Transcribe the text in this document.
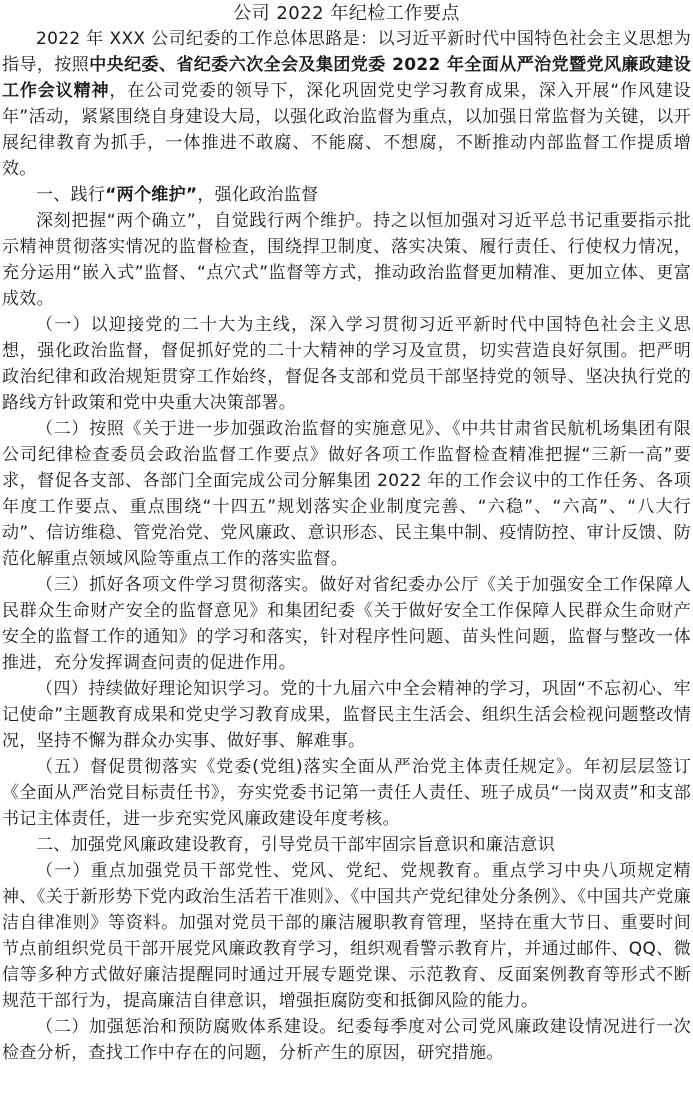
公司 2022 年纪检工作要点

2022 年 XXX 公司纪委的工作总体思路是：以习近平新时代中国特色社会主义思想为指导，按照中央纪委、省纪委六次全会及集团党委 2022 年全面从严治党暨党风廉政建设工作会议精神，在公司党委的领导下，深化巩固党史学习教育成果，深入开展“作风建设年”活动，紧紧围绕自身建设大局，以强化政治监督为重点，以加强日常监督为关键，以开展纪律教育为抓手，一体推进不敢腐、不能腐、不想腐，不断推动内部监督工作提质增效。

一、践行“两个维护”，强化政治监督

深刻把握“两个确立”，自觉践行两个维护。持之以恒加强对习近平总书记重要指示批示精神贯彻落实情况的监督检查，围绕捍卫制度、落实决策、履行责任、行使权力情况，充分运用“嵌入式”监督、“点穴式”监督等方式，推动政治监督更加精准、更加立体、更富成效。

（一）以迎接党的二十大为主线，深入学习贯彻习近平新时代中国特色社会主义思想，强化政治监督，督促抓好党的二十大精神的学习及宣贯，切实营造良好氛围。把严明政治纪律和政治规矩贯穿工作始终，督促各支部和党员干部坚持党的领导、坚决执行党的路线方针政策和党中央重大决策部署。

（二）按照《关于进一步加强政治监督的实施意见》、《中共甘肃省民航机场集团有限公司纪律检查委员会政治监督工作要点》做好各项工作监督检查精准把握“三新一高”要求，督促各支部、各部门全面完成公司分解集团 2022 年的工作会议中的工作任务、各项年度工作要点、重点围绕“十四五”规划落实企业制度完善、“六稳”、“六高”、“八大行动”、信访维稳、管党治党、党风廉政、意识形态、民主集中制、疫情防控、审计反馈、防范化解重点领域风险等重点工作的落实监督。

（三）抓好各项文件学习贯彻落实。做好对省纪委办公厅《关于加强安全工作保障人民群众生命财产安全的监督意见》和集团纪委《关于做好安全工作保障人民群众生命财产安全的监督工作的通知》的学习和落实，针对程序性问题、苗头性问题，监督与整改一体推进，充分发挥调查问责的促进作用。

（四）持续做好理论知识学习。党的十九届六中全会精神的学习，巩固“不忘初心、牢记使命”主题教育成果和党史学习教育成果，监督民主生活会、组织生活会检视问题整改情况，坚持不懈为群众办实事、做好事、解难事。

（五）督促贯彻落实《党委(党组)落实全面从严治党主体责任规定》。年初层层签订《全面从严治党目标责任书》，夯实党委书记第一责任人责任、班子成员“一岗双责”和支部书记主体责任，进一步充实党风廉政建设年度考核。

二、加强党风廉政建设教育，引导党员干部牢固宗旨意识和廉洁意识

（一）重点加强党员干部党性、党风、党纪、党规教育。重点学习中央八项规定精神、《关于新形势下党内政治生活若干准则》、《中国共产党纪律处分条例》、《中国共产党廉洁自律准则》等资料。加强对党员干部的廉洁履职教育管理，坚持在重大节日、重要时间节点前组织党员干部开展党风廉政教育学习，组织观看警示教育片，并通过邮件、QQ、微信等多种方式做好廉洁提醒同时通过开展专题党课、示范教育、反面案例教育等形式不断规范干部行为，提高廉洁自律意识，增强拒腐防变和抵御风险的能力。

（二）加强惩治和预防腐败体系建设。纪委每季度对公司党风廉政建设情况进行一次检查分析，查找工作中存在的问题，分析产生的原因，研究措施。
